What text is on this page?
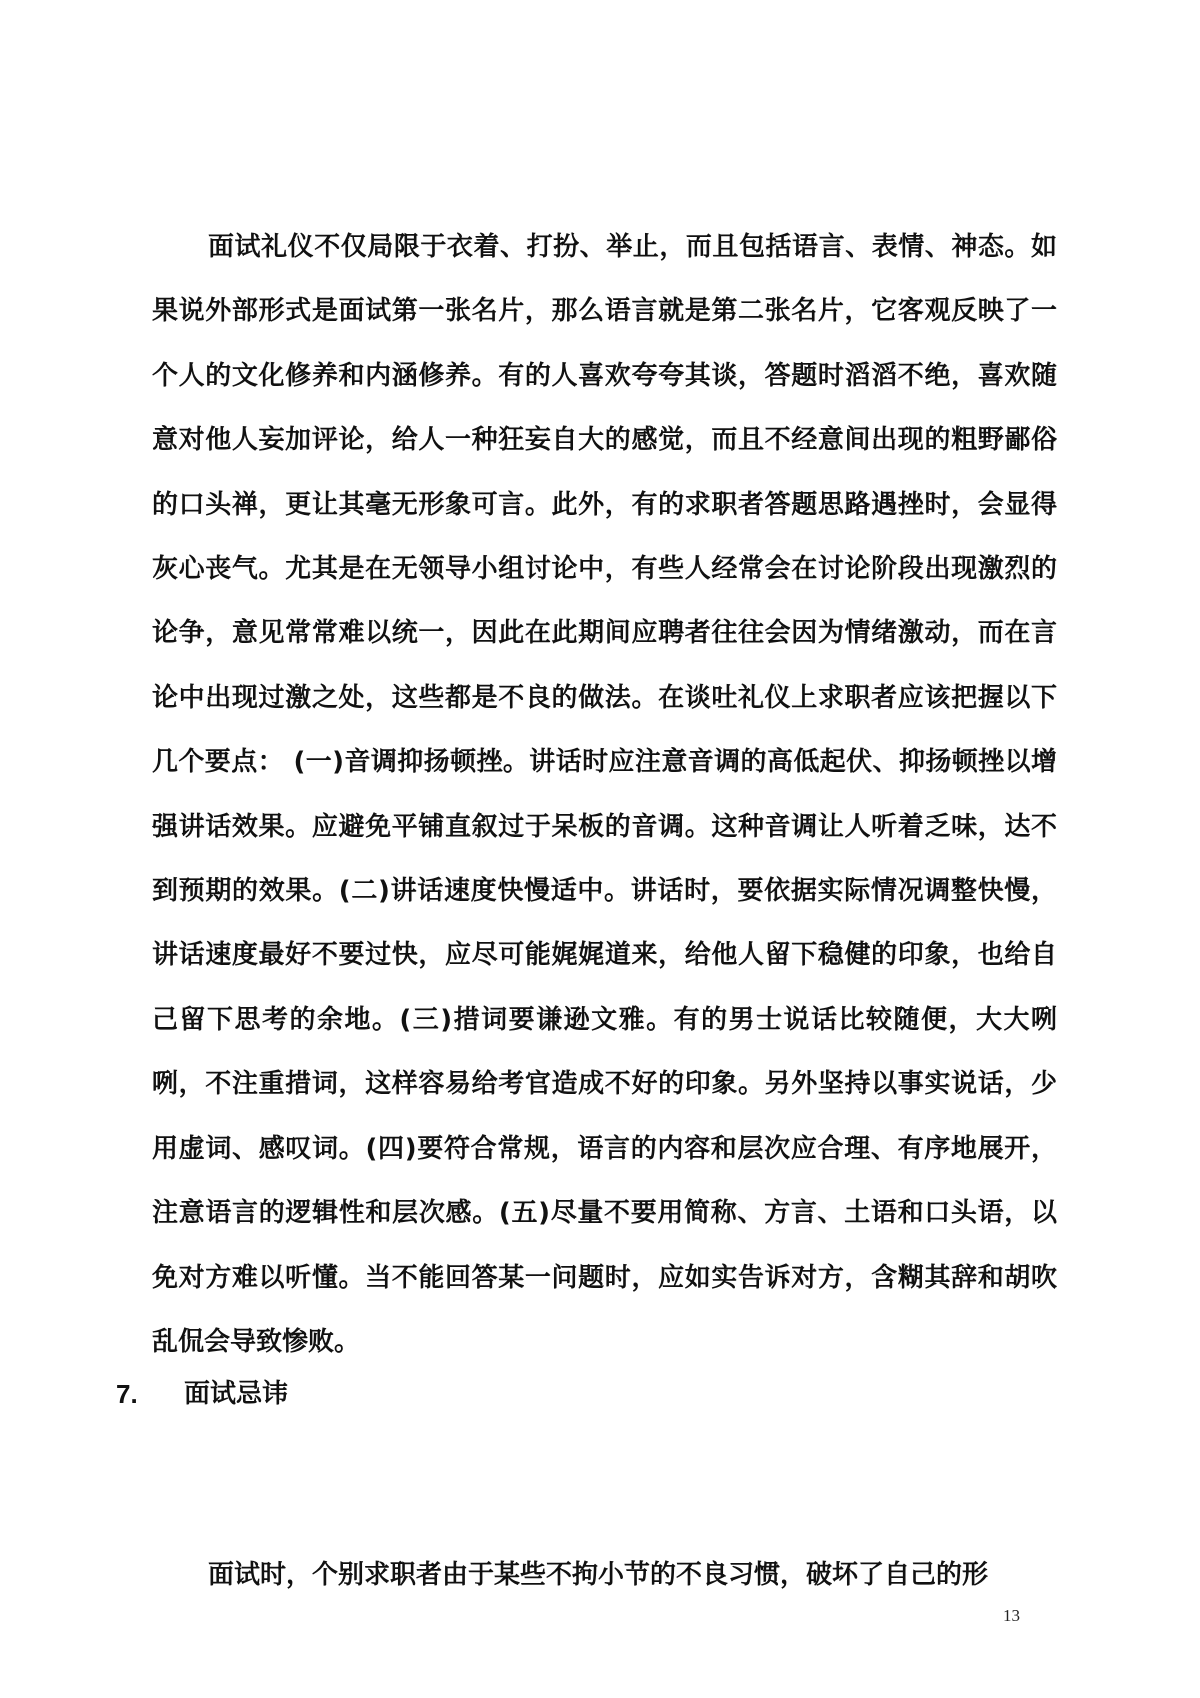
面试礼仪不仅局限于衣着、打扮、举止，而且包括语言、表情、神态。如果说外部形式是面试第一张名片，那么语言就是第二张名片，它客观反映了一个人的文化修养和内涵修养。有的人喜欢夸夸其谈，答题时滔滔不绝，喜欢随意对他人妄加评论，给人一种狂妄自大的感觉，而且不经意间出现的粗野鄙俗的口头禅，更让其毫无形象可言。此外，有的求职者答题思路遇挫时，会显得灰心丧气。尤其是在无领导小组讨论中，有些人经常会在讨论阶段出现激烈的论争，意见常常难以统一，因此在此期间应聘者往往会因为情绪激动，而在言论中出现过激之处，这些都是不良的做法。在谈吐礼仪上求职者应该把握以下几个要点： (一)音调抑扬顿挫。讲话时应注意音调的高低起伏、抑扬顿挫以增强讲话效果。应避免平铺直叙过于呆板的音调。这种音调让人听着乏味，达不到预期的效果。(二)讲话速度快慢适中。讲话时，要依据实际情况调整快慢，讲话速度最好不要过快，应尽可能娓娓道来，给他人留下稳健的印象，也给自己留下思考的余地。(三)措词要谦逊文雅。有的男士说话比较随便，大大咧咧，不注重措词，这样容易给考官造成不好的印象。另外坚持以事实说话，少用虚词、感叹词。(四)要符合常规，语言的内容和层次应合理、有序地展开，注意语言的逻辑性和层次感。(五)尽量不要用简称、方言、土语和口头语，以免对方难以听懂。当不能回答某一问题时，应如实告诉对方，含糊其辞和胡吹乱侃会导致惨败。

7.	面试忌讳

面试时，个别求职者由于某些不拘小节的不良习惯，破坏了自己的形

13
